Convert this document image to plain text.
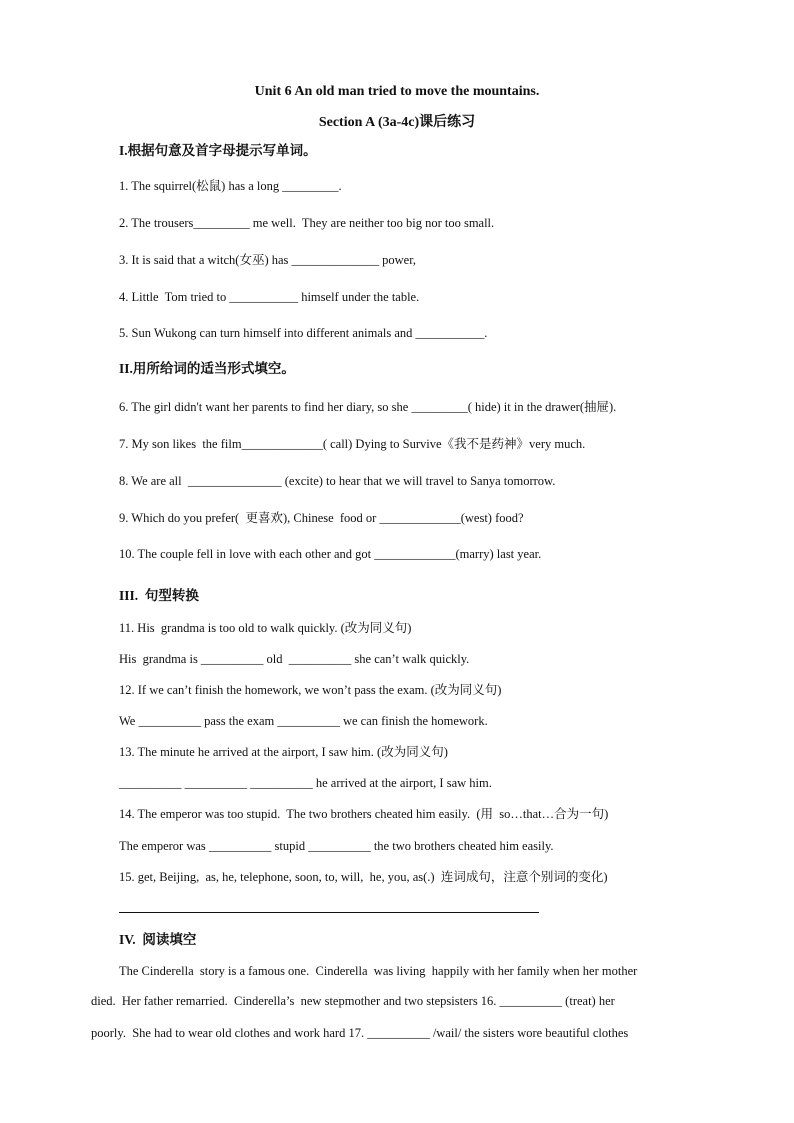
Unit 6 An old man tried to move the mountains.
Section A (3a-4c)课后练习
I.根据句意及首字母提示写单词。
1. The squirrel(松鼠) has a long _________.
2. The trousers_________ me well.  They are neither too big nor too small.
3. It is said that a witch(女巫) has ______________ power,
4. Little  Tom tried to ___________ himself under the table.
5. Sun Wukong can turn himself into different animals and ___________.
II.用所给词的适当形式填空。
6. The girl didn't want her parents to find her diary, so she _________( hide) it in the drawer(抽屉).
7. My son likes  the film_____________( call) Dying to Survive《我不是药神》very much.
8. We are all  _______________ (excite) to hear that we will travel to Sanya tomorrow.
9. Which do you prefer(  更喜欢), Chinese  food or _____________(west) food?
10. The couple fell in love with each other and got _____________(marry) last year.
III.  句型转换
11. His  grandma is too old to walk quickly. (改为同义句)
His  grandma is __________ old  __________ she can’t walk quickly.
12. If we can’t finish the homework, we won’t pass the exam. (改为同义句)
We __________ pass the exam __________ we can finish the homework.
13. The minute he arrived at the airport, I saw him. (改为同义句)
__________ __________ __________ he arrived at the airport, I saw him.
14. The emperor was too stupid.  The two brothers cheated him easily.  (用  so…that…合为一句)
The emperor was __________ stupid __________ the two brothers cheated him easily.
15. get, Beijing,  as, he, telephone, soon, to, will,  he, you, as(.)  连词成句，注意个别词的变化)
IV.  阅读填空
The Cinderella  story is a famous one.  Cinderella  was living  happily with her family when her mother
died.  Her father remarried.  Cinderella’s  new stepmother and two stepsisters 16. __________ (treat) her
poorly.  She had to wear old clothes and work hard 17. __________ /wail/ the sisters wore beautiful clothes
